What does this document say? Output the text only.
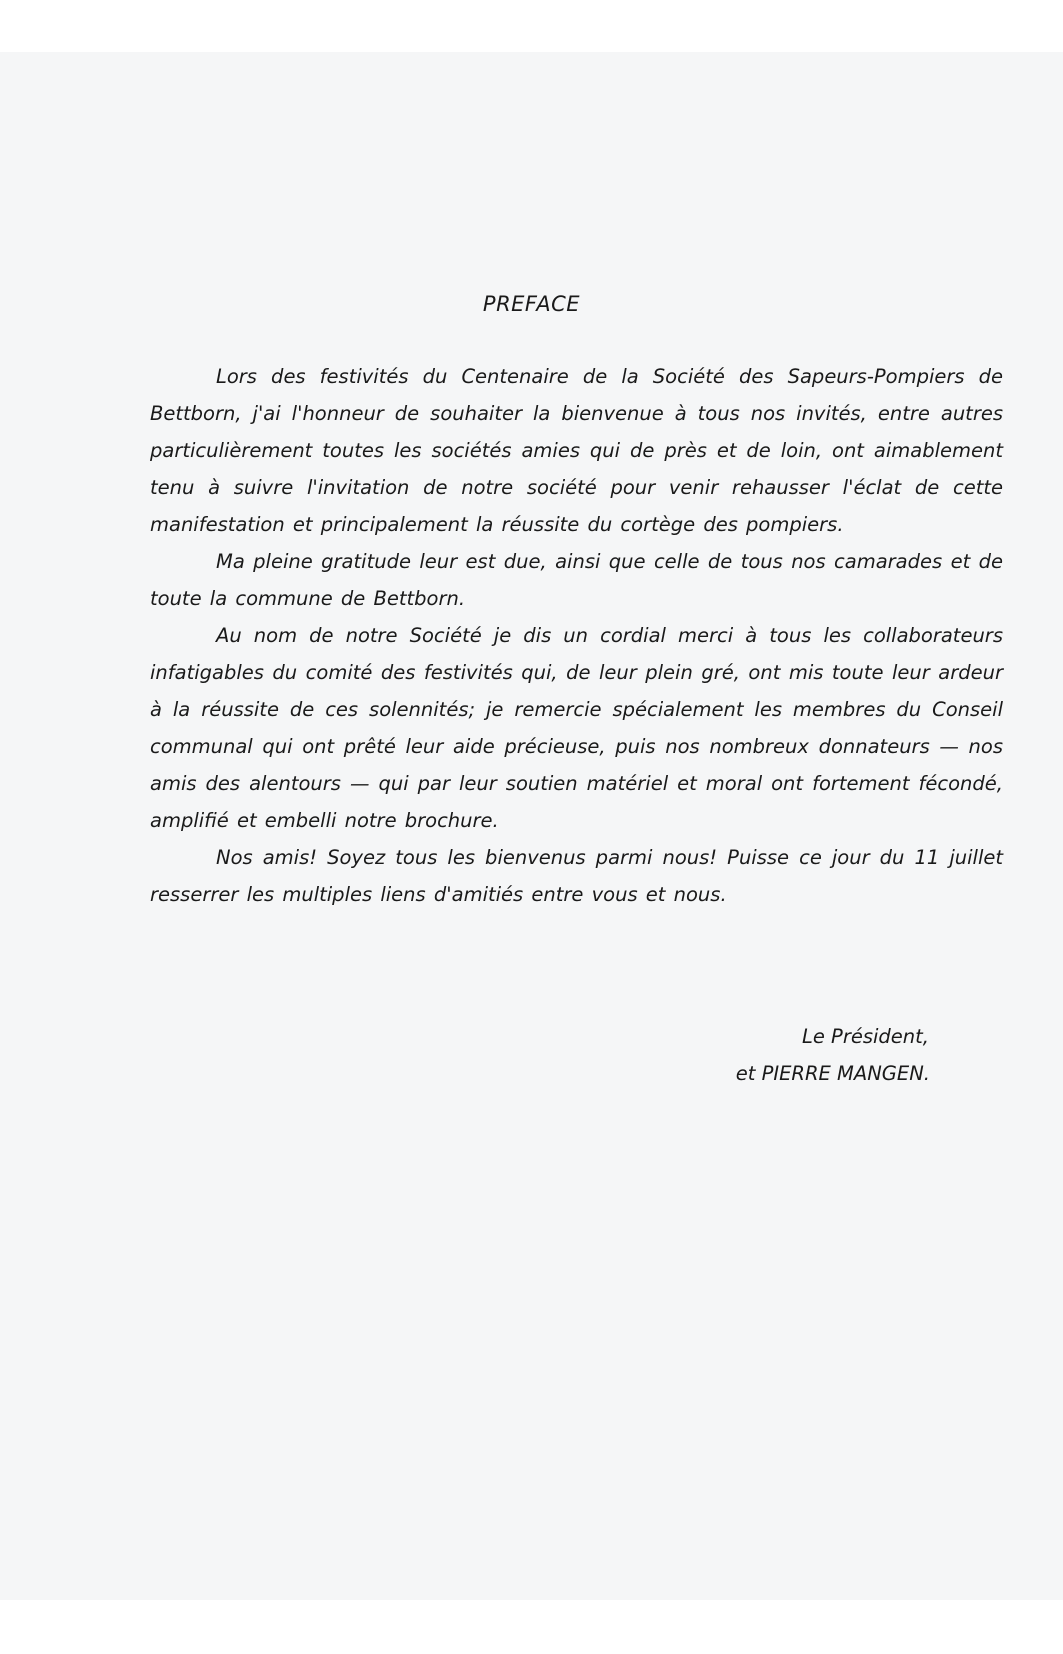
PREFACE

Lors des festivités du Centenaire de la Société des Sapeurs-Pompiers de Bettborn, j'ai l'honneur de souhaiter la bienvenue à tous nos invités, entre autres particulièrement toutes les sociétés amies qui de près et de loin, ont aimablement tenu à suivre l'invitation de notre société pour venir rehausser l'éclat de cette manifestation et principalement la réussite du cortège des pompiers.

Ma pleine gratitude leur est due, ainsi que celle de tous nos camarades et de toute la commune de Bettborn.

Au nom de notre Société je dis un cordial merci à tous les collaborateurs infatigables du comité des festivités qui, de leur plein gré, ont mis toute leur ardeur à la réussite de ces solennités; je remercie spécialement les membres du Conseil communal qui ont prêté leur aide précieuse, puis nos nombreux donnateurs — nos amis des alentours — qui par leur soutien matériel et moral ont fortement fécondé, amplifié et embelli notre brochure.

Nos amis! Soyez tous les bienvenus parmi nous! Puisse ce jour du 11 juillet resserrer les multiples liens d'amitiés entre vous et nous.

Le Président,
et PIERRE MANGEN.
